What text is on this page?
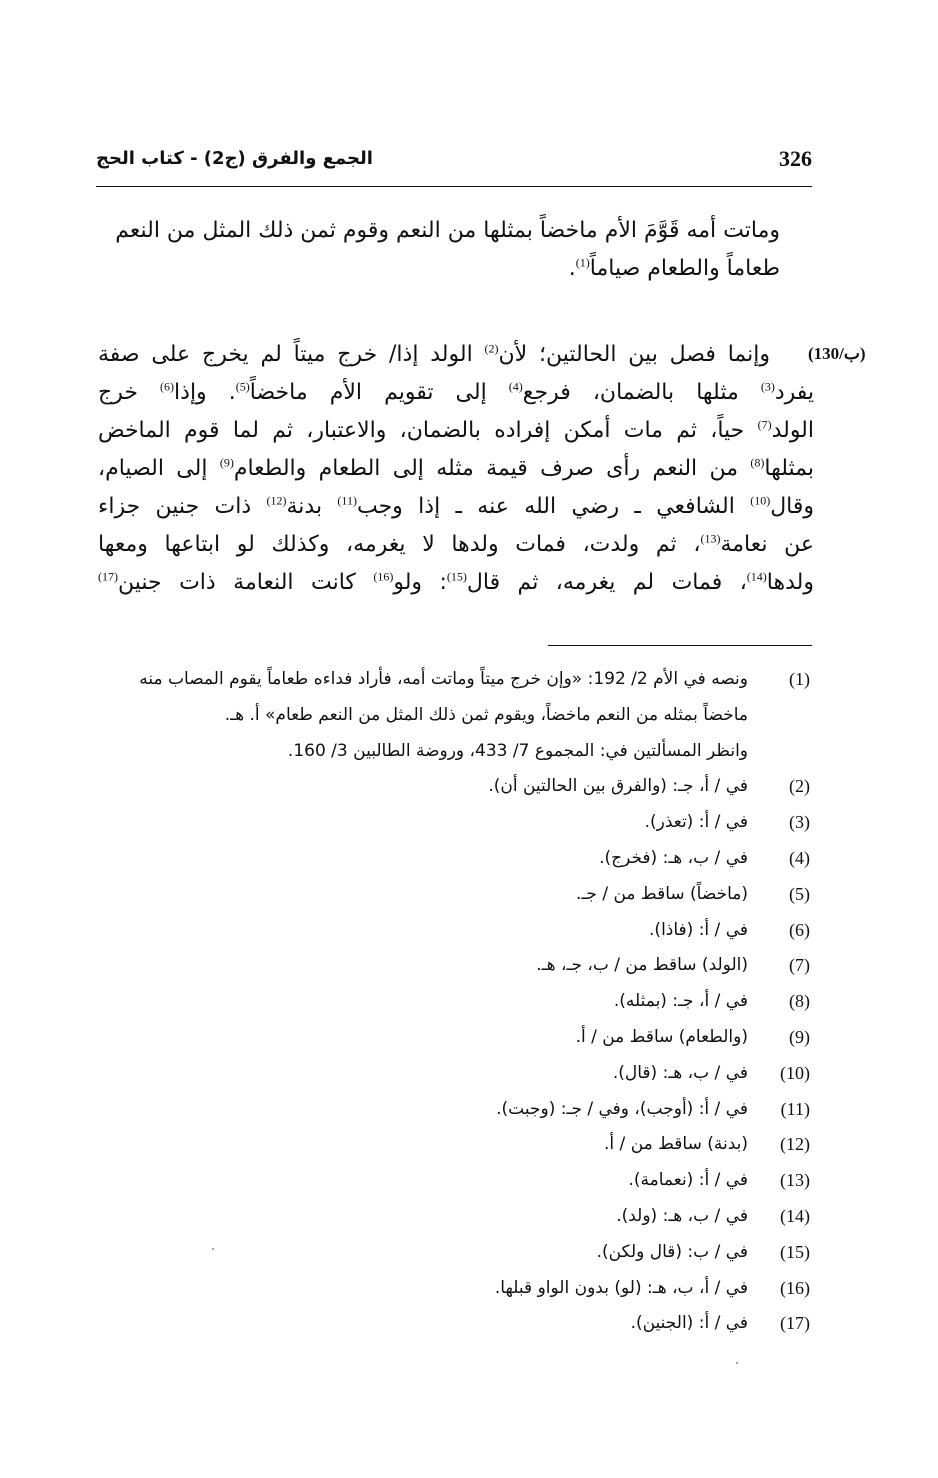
326
الجمع والفرق (ج2) - كتاب الحج
وماتت أمه قَوَّمَ الأم ماخضاً بمثلها من النعم وقوم ثمن ذلك المثل من النعم
طعاماً والطعام صياماً$^{(1)}$.
(130/ب)
وإنما فصل بين الحالتين؛ لأن$^{(2)}$ الولد إذا/ خرج ميتاً لم يخرج على صفة
يفرد$^{(3)}$ مثلها بالضمان، فرجع$^{(4)}$ إلى تقويم الأم ماخضاً$^{(5)}$. وإذا$^{(6)}$ خرج
الولد$^{(7)}$ حياً، ثم مات أمكن إفراده بالضمان، والاعتبار، ثم لما قوم الماخض
بمثلها$^{(8)}$ من النعم رأى صرف قيمة مثله إلى الطعام والطعام$^{(9)}$ إلى الصيام،
وقال$^{(10)}$ الشافعي ـ رضي الله عنه ـ إذا وجب$^{(11)}$ بدنة$^{(12)}$ ذات جنين جزاء
عن نعامة$^{(13)}$، ثم ولدت، فمات ولدها لا يغرمه، وكذلك لو ابتاعها ومعها
ولدها$^{(14)}$، فمات لم يغرمه، ثم قال$^{(15)}$: ولو$^{(16)}$ كانت النعامة ذات جنين$^{(17)}$
(1)
ونصه في الأم 2/ 192: «وإن خرج ميتاً وماتت أمه، فأراد فداءه طعاماً يقوم المصاب منه
ماخضاً بمثله من النعم ماخضاً، ويقوم ثمن ذلك المثل من النعم طعام» أ. هـ.
وانظر المسألتين في: المجموع 7/ 433، وروضة الطالبين 3/ 160.
(2)
في / أ، جـ: (والفرق بين الحالتين أن).
(3)
في / أ: (تعذر).
(4)
في / ب، هـ: (فخرج).
(5)
(ماخضاً) ساقط من / جـ.
(6)
في / أ: (فاذا).
(7)
(الولد) ساقط من / ب، جـ، هـ.
(8)
في / أ، جـ: (بمثله).
(9)
(والطعام) ساقط من / أ.
(10)
في / ب، هـ: (قال).
(11)
في / أ: (أوجب)، وفي / جـ: (وجبت).
(12)
(بدنة) ساقط من / أ.
(13)
في / أ: (نعمامة).
(14)
في / ب، هـ: (ولد).
(15)
في / ب: (قال ولكن).
(16)
في / أ، ب، هـ: (لو) بدون الواو قبلها.
(17)
في / أ: (الجنين).
